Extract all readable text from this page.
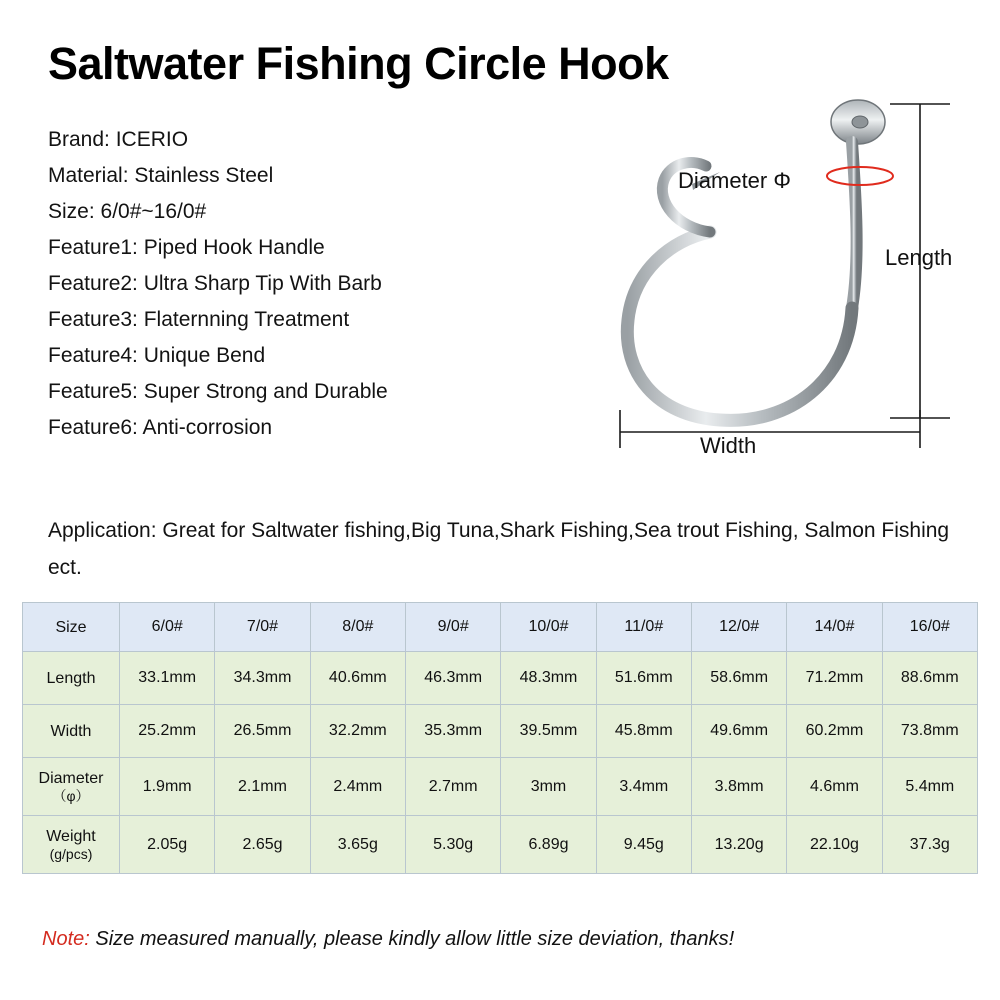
Saltwater Fishing Circle Hook
Brand: ICERIO
Material: Stainless Steel
Size: 6/0#~16/0#
Feature1: Piped Hook Handle
Feature2: Ultra Sharp Tip With Barb
Feature3: Flaternning Treatment
Feature4: Unique Bend
Feature5: Super Strong and Durable
Feature6: Anti-corrosion
Application: Great for Saltwater fishing,Big Tuna,Shark Fishing,Sea trout Fishing, Salmon Fishing ect.
Diameter Φ
Length
Width
Size	6/0#	7/0#	8/0#	9/0#	10/0#	11/0#	12/0#	14/0#	16/0#
Length	33.1mm	34.3mm	40.6mm	46.3mm	48.3mm	51.6mm	58.6mm	71.2mm	88.6mm
Width	25.2mm	26.5mm	32.2mm	35.3mm	39.5mm	45.8mm	49.6mm	60.2mm	73.8mm
Diameter
（φ）	1.9mm	2.1mm	2.4mm	2.7mm	3mm	3.4mm	3.8mm	4.6mm	5.4mm
Weight
(g/pcs)	2.05g	2.65g	3.65g	5.30g	6.89g	9.45g	13.20g	22.10g	37.3g
Note: Size measured manually, please kindly allow little size deviation, thanks!
